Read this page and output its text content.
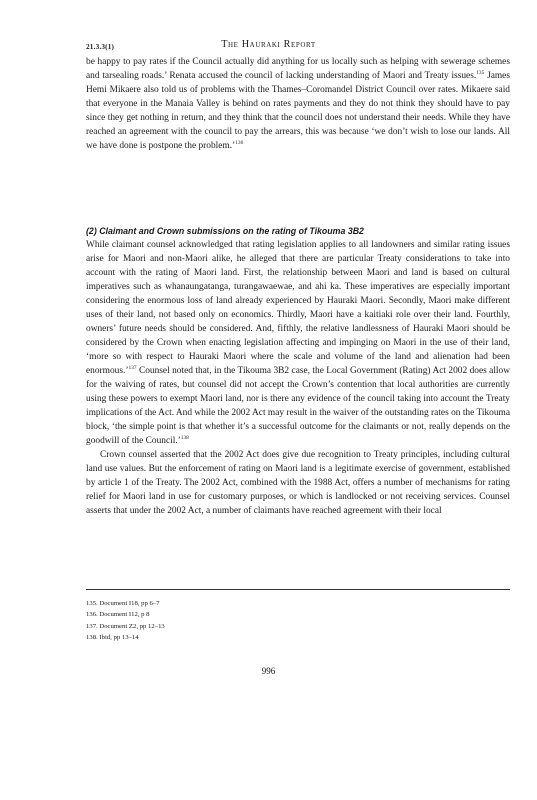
21.3.3(1)	The Hauraki Report

be happy to pay rates if the Council actually did anything for us locally such as helping with sewerage schemes and tarsealing roads.’ Renata accused the council of lacking understanding of Maori and Treaty issues.$^{135}$ James Hemi Mikaere also told us of problems with the Thames–Coromandel District Council over rates. Mikaere said that everyone in the Manaia Valley is behind on rates payments and they do not think they should have to pay since they get nothing in return, and they think that the council does not understand their needs. While they have reached an agreement with the council to pay the arrears, this was because ‘we don’t wish to lose our lands. All we have done is postpone the problem.’$^{136}$

(2) Claimant and Crown submissions on the rating of Tikouma 3B2

While claimant counsel acknowledged that rating legislation applies to all landowners and similar rating issues arise for Maori and non-Maori alike, he alleged that there are particular Treaty considerations to take into account with the rating of Maori land. First, the relationship between Maori and land is based on cultural imperatives such as whanaungatanga, turangawaewae, and ahi ka. These imperatives are especially important considering the enormous loss of land already experienced by Hauraki Maori. Secondly, Maori make different uses of their land, not based only on economics. Thirdly, Maori have a kaitiaki role over their land. Fourthly, owners’ future needs should be considered. And, fifthly, the relative landlessness of Hauraki Maori should be considered by the Crown when enacting legislation affecting and impinging on Maori in the use of their land, ‘more so with respect to Hauraki Maori where the scale and volume of the land and alienation had been enormous.’$^{137}$ Counsel noted that, in the Tikouma 3B2 case, the Local Government (Rating) Act 2002 does allow for the waiving of rates, but counsel did not accept the Crown’s contention that local authorities are currently using these powers to exempt Maori land, nor is there any evidence of the council taking into account the Treaty implications of the Act. And while the 2002 Act may result in the waiver of the outstanding rates on the Tikouma block, ‘the simple point is that whether it’s a successful outcome for the claimants or not, really depends on the goodwill of the Council.’$^{138}$

Crown counsel asserted that the 2002 Act does give due recognition to Treaty principles, including cultural land use values. But the enforcement of rating on Maori land is a legitimate exercise of government, established by article 1 of the Treaty. The 2002 Act, combined with the 1988 Act, offers a number of mechanisms for rating relief for Maori land in use for customary purposes, or which is landlocked or not receiving services. Counsel asserts that under the 2002 Act, a number of claimants have reached agreement with their local

135. Document I18, pp 6–7

136. Document I12, p 8

137. Document Z2, pp 12–13

138. Ibid, pp 13–14

996
